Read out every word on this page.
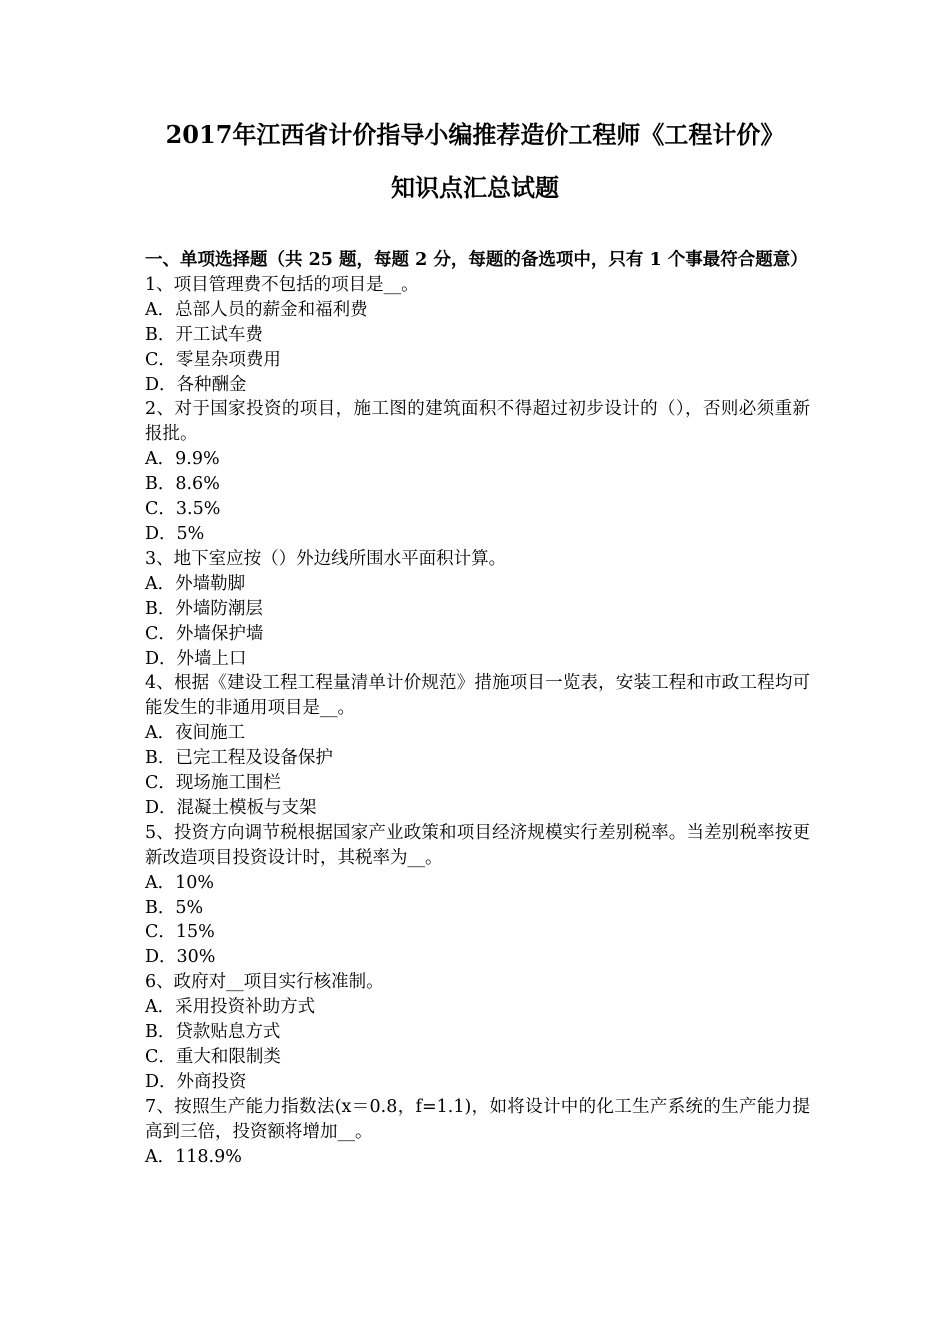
2017年江西省计价指导小编推荐造价工程师《工程计价》
知识点汇总试题

一、单项选择题（共 25 题，每题 2 分，每题的备选项中，只有 1 个事最符合题意）

1、项目管理费不包括的项目是__。

A．总部人员的薪金和福利费

B．开工试车费

C．零星杂项费用

D．各种酬金

2、对于国家投资的项目，施工图的建筑面积不得超过初步设计的（），否则必须重新报批。

A．9.9%

B．8.6%

C．3.5%

D．5%

3、地下室应按（）外边线所围水平面积计算。

A．外墙勒脚

B．外墙防潮层

C．外墙保护墙

D．外墙上口

4、根据《建设工程工程量清单计价规范》措施项目一览表，安装工程和市政工程均可能发生的非通用项目是__。

A．夜间施工

B．已完工程及设备保护

C．现场施工围栏

D．混凝土模板与支架

5、投资方向调节税根据国家产业政策和项目经济规模实行差别税率。当差别税率按更新改造项目投资设计时，其税率为__。

A．10%

B．5%

C．15%

D．30%

6、政府对__项目实行核准制。

A．采用投资补助方式

B．贷款贴息方式

C．重大和限制类

D．外商投资

7、按照生产能力指数法(x＝0.8，f=1.1)，如将设计中的化工生产系统的生产能力提高到三倍，投资额将增加__。

A．118.9%
